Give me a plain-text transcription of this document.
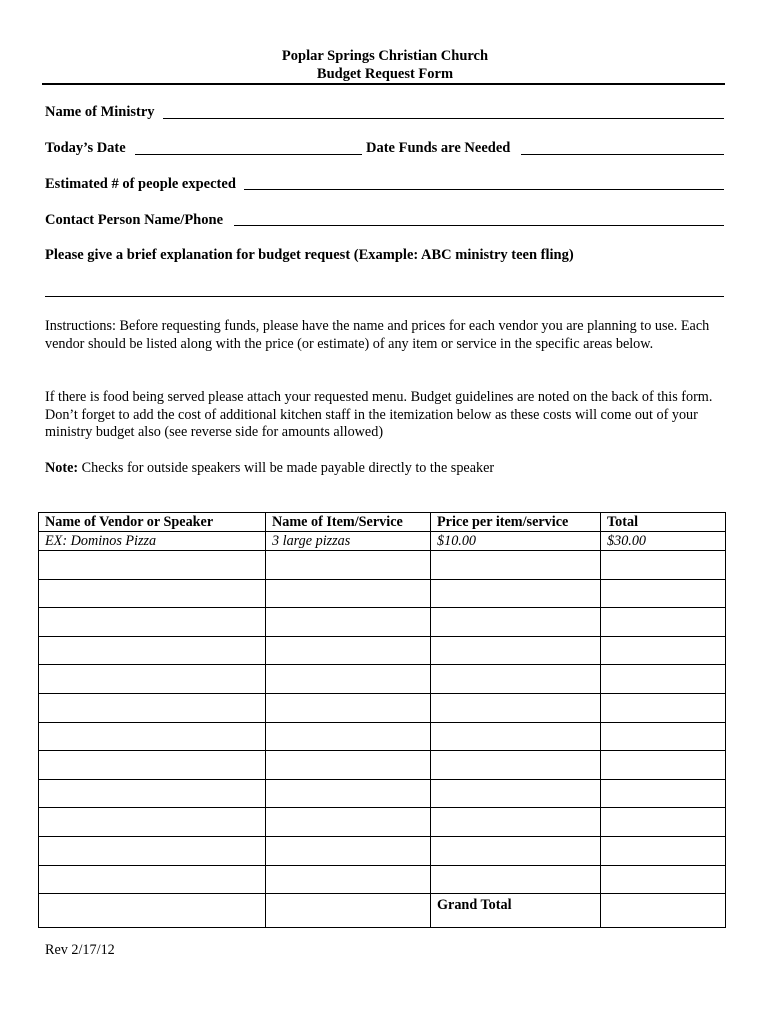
Poplar Springs Christian Church
Budget Request Form
Name of Ministry
Today’s Date	Date Funds are Needed
Estimated # of people expected
Contact Person Name/Phone
Please give a brief explanation for budget request (Example: ABC ministry teen fling)
Instructions: Before requesting funds, please have the name and prices for each vendor you are planning to use. Each vendor should be listed along with the price (or estimate) of any item or service in the specific areas below.
If there is food being served please attach your requested menu. Budget guidelines are noted on the back of this form. Don’t forget to add the cost of additional kitchen staff in the itemization below as these costs will come out of your ministry budget also (see reverse side for amounts allowed)
Note: Checks for outside speakers will be made payable directly to the speaker
Name of Vendor or Speaker	Name of Item/Service	Price per item/service	Total
EX: Dominos Pizza	3 large pizzas	$10.00	$30.00

		Grand Total	
Rev 2/17/12
